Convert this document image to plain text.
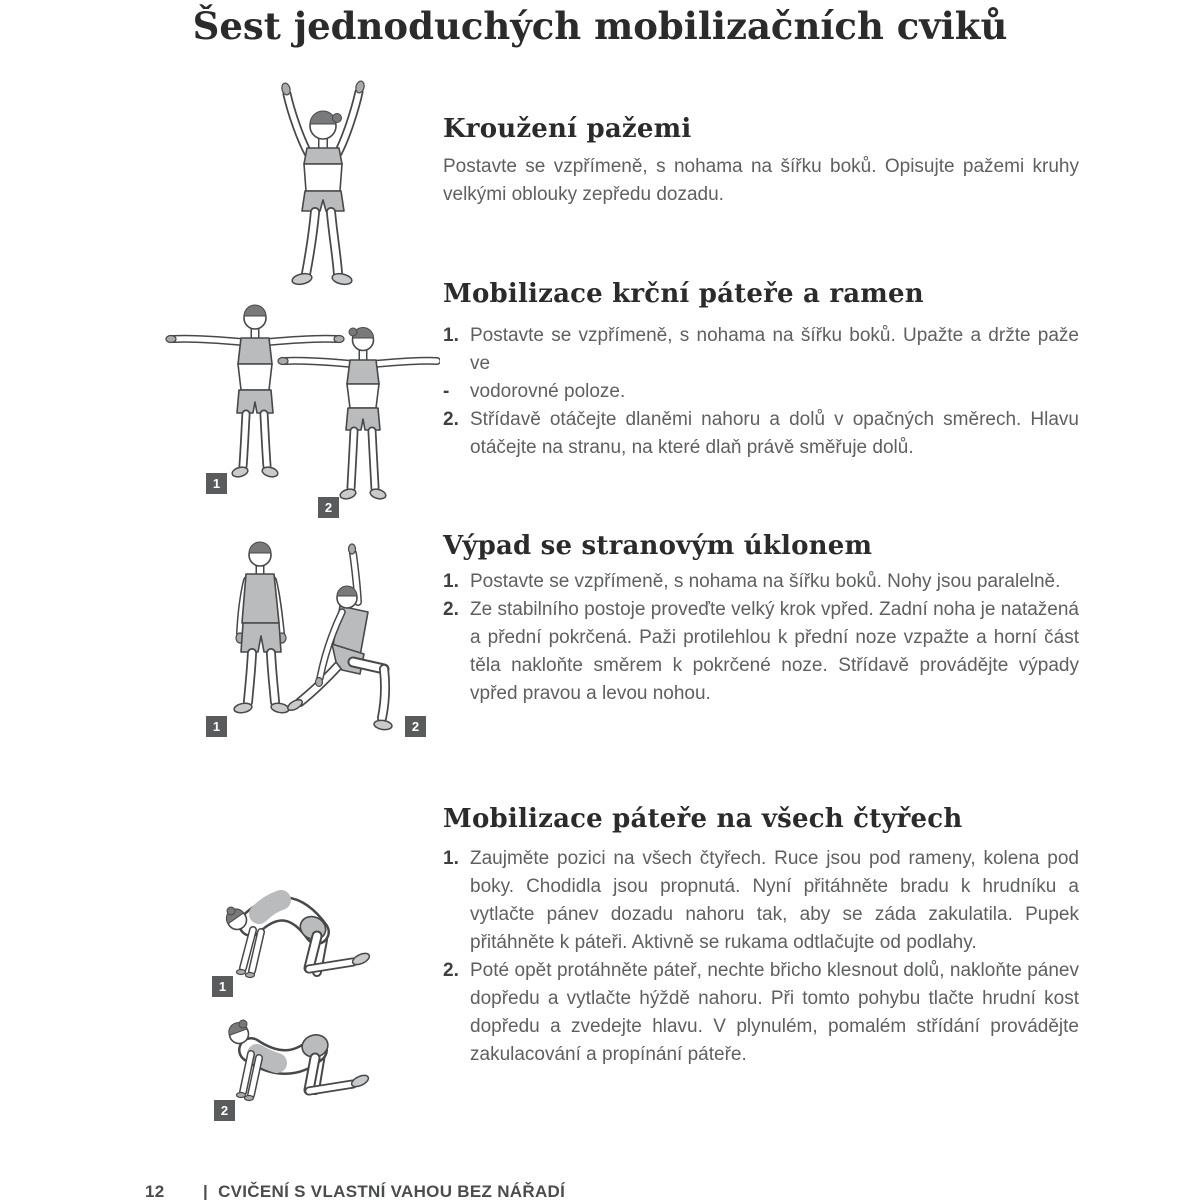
Šest jednoduchých mobilizačních cviků
Kroužení pažemi

Postavte se vzpřímeně, s nohama na šířku boků. Opisujte pažemi kruhy velkými oblouky zepředu dozadu.

1
2
Mobilizace krční páteře a ramen
1. Postavte se vzpřímeně, s nohama na šířku boků. Upažte a držte paže ve
-	vodorovné poloze.
2. Střídavě otáčejte dlaněmi nahoru a dolů v opačných směrech. Hlavu otáčejte na stranu, na které dlaň právě směřuje dolů.
1	2
Výpad se stranovým úklonem
1. Postavte se vzpřímeně, s nohama na šířku boků. Nohy jsou paralelně.
2. Ze stabilního postoje proveďte velký krok vpřed. Zadní noha je natažená a přední pokrčená. Paži protilehlou k přední noze vzpažte a horní část těla nakloňte směrem k pokrčené noze. Střídavě provádějte výpady vpřed pravou a levou nohou.
1
2
Mobilizace páteře na všech čtyřech
1. Zaujměte pozici na všech čtyřech. Ruce jsou pod rameny, kolena pod boky. Chodidla jsou propnutá. Nyní přitáhněte bradu k hrudníku a vytlačte pánev dozadu nahoru tak, aby se záda zakulatila. Pupek přitáhněte k páteři. Aktivně se rukama odtlačujte od podlahy.
2. Poté opět protáhněte páteř, nechte břicho klesnout dolů, nakloňte pánev dopředu a vytlačte hýždě nahoru. Při tomto pohybu tlačte hrudní kost dopředu a zvedejte hlavu. V plynulém, pomalém střídání provádějte zakulacování a propínání páteře.
12	| CVIČENÍ S VLASTNÍ VAHOU BEZ NÁŘADÍ
